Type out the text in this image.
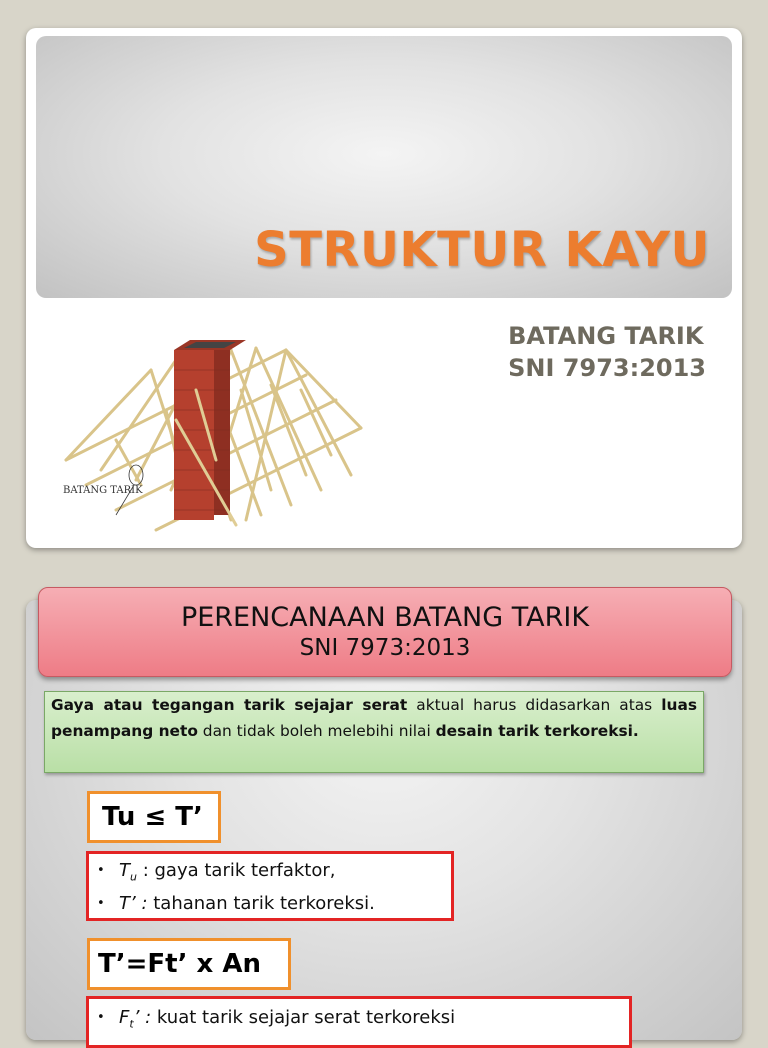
BATANG TARIK
STRUKTUR KAYU
BATANG TARIK
SNI 7973:2013
PERENCANAAN BATANG TARIK
SNI 7973:2013
Gaya atau tegangan tarik sejajar serat aktual harus didasarkan atas luas penampang neto dan tidak boleh melebihi nilai desain tarik terkoreksi.
Tu ≤ T’
• $T_u$ : gaya tarik terfaktor,
• T’ : tahanan tarik terkoreksi.
T’=Ft’ x An
• $F_t$’ : kuat tarik sejajar serat terkoreksi
